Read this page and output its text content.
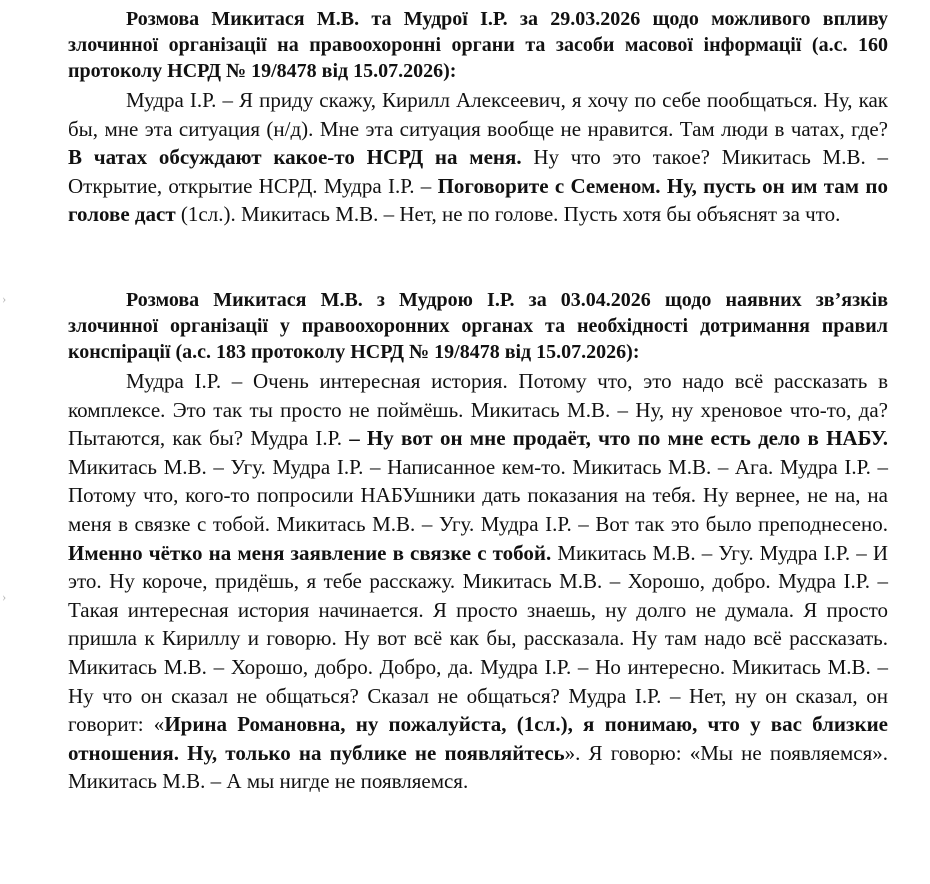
›
›

Розмова Микитася М.В. та Мудрої І.Р. за 29.03.2026 щодо можливого впливу злочинної організації на правоохоронні органи та засоби масової інформації (а.с. 160 протоколу НСРД № 19/8478 від 15.07.2026):

Мудра І.Р. – Я приду скажу, Кирилл Алексеевич, я хочу по себе пообщаться. Ну, как бы, мне эта ситуация (н/д). Мне эта ситуация вообще не нравится. Там люди в чатах, где? В чатах обсуждают какое-то НСРД на меня. Ну что это такое? Микитась М.В. – Открытие, открытие НСРД. Мудра І.Р. – Поговорите с Семеном. Ну, пусть он им там по голове даст (1сл.). Микитась М.В. – Нет, не по голове. Пусть хотя бы объяснят за что.

Розмова Микитася М.В. з Мудрою І.Р. за 03.04.2026 щодо наявних зв’язків злочинної організації у правоохоронних органах та необхідності дотримання правил конспірації (а.с. 183 протоколу НСРД № 19/8478 від 15.07.2026):

Мудра І.Р. – Очень интересная история. Потому что, это надо всё рассказать в комплексе. Это так ты просто не поймёшь. Микитась М.В. – Ну, ну хреновое что-то, да? Пытаются, как бы? Мудра І.Р. – Ну вот он мне продаёт, что по мне есть дело в НАБУ. Микитась М.В. – Угу. Мудра І.Р. – Написанное кем-то. Микитась М.В. – Ага. Мудра І.Р. – Потому что, кого-то попросили НАБУшники дать показания на тебя. Ну вернее, не на, на меня в связке с тобой. Микитась М.В. – Угу. Мудра І.Р. – Вот так это было преподнесено. Именно чётко на меня заявление в связке с тобой. Микитась М.В. – Угу. Мудра І.Р. – И это. Ну короче, придёшь, я тебе расскажу. Микитась М.В. – Хорошо, добро. Мудра І.Р. – Такая интересная история начинается. Я просто знаешь, ну долго не думала. Я просто пришла к Кириллу и говорю. Ну вот всё как бы, рассказала. Ну там надо всё рассказать. Микитась М.В. – Хорошо, добро. Добро, да. Мудра І.Р. – Но интересно. Микитась М.В. – Ну что он сказал не общаться? Сказал не общаться? Мудра І.Р. – Нет, ну он сказал, он говорит: «Ирина Романовна, ну пожалуйста, (1сл.), я понимаю, что у вас близкие отношения. Ну, только на публике не появляйтесь». Я говорю: «Мы не появляемся». Микитась М.В. – А мы нигде не появляемся.
